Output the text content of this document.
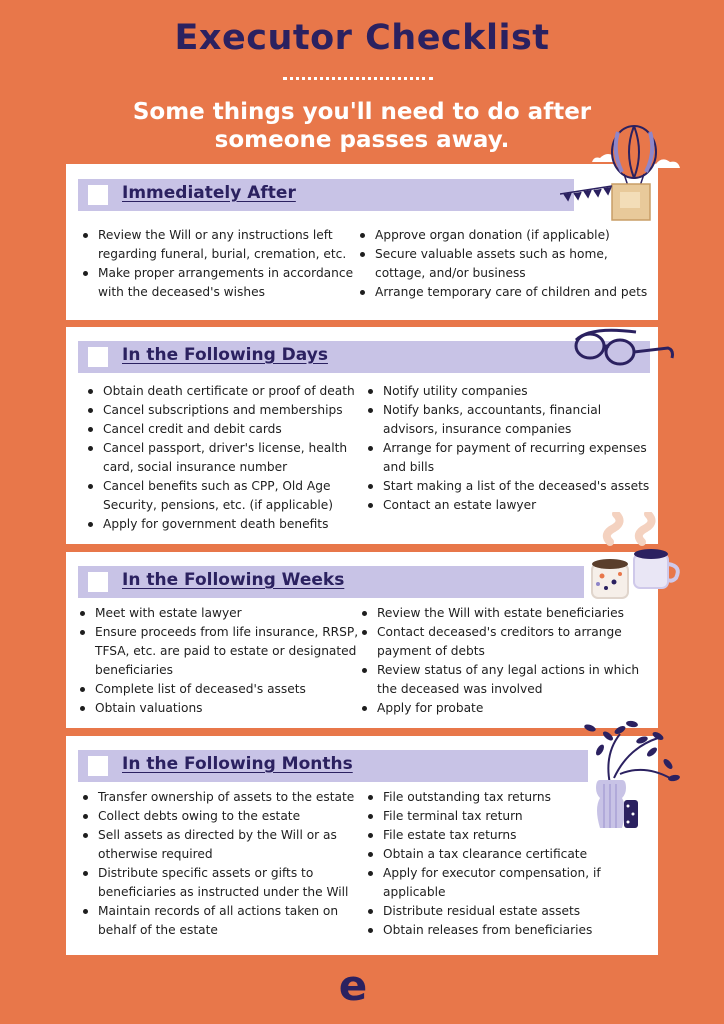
Executor Checklist
Some things you'll need to do after
someone passes away.
Immediately After
Review the Will or any instructions left
regarding funeral, burial, cremation, etc.
Make proper arrangements in accordance
with the deceased's wishes
Approve organ donation (if applicable)
Secure valuable assets such as home,
cottage, and/or business
Arrange temporary care of children and pets
In the Following Days
Obtain death certificate or proof of death
Cancel subscriptions and memberships
Cancel credit and debit cards
Cancel passport, driver's license, health
card, social insurance number
Cancel benefits such as CPP, Old Age
Security, pensions, etc. (if applicable)
Apply for government death benefits
Notify utility companies
Notify banks, accountants, financial
advisors, insurance companies
Arrange for payment of recurring expenses
and bills
Start making a list of the deceased's assets
Contact an estate lawyer
In the Following Weeks
Meet with estate lawyer
Ensure proceeds from life insurance, RRSP,
TFSA, etc. are paid to estate or designated
beneficiaries
Complete list of deceased's assets
Obtain valuations
Review the Will with estate beneficiaries
Contact deceased's creditors to arrange
payment of debts
Review status of any legal actions in which
the deceased was involved
Apply for probate
In the Following Months
Transfer ownership of assets to the estate
Collect debts owing to the estate
Sell assets as directed by the Will or as
otherwise required
Distribute specific assets or gifts to
beneficiaries as instructed under the Will
Maintain records of all actions taken on
behalf of the estate
File outstanding tax returns
File terminal tax return
File estate tax returns
Obtain a tax clearance certificate
Apply for executor compensation, if
applicable
Distribute residual estate assets
Obtain releases from beneficiaries
e
